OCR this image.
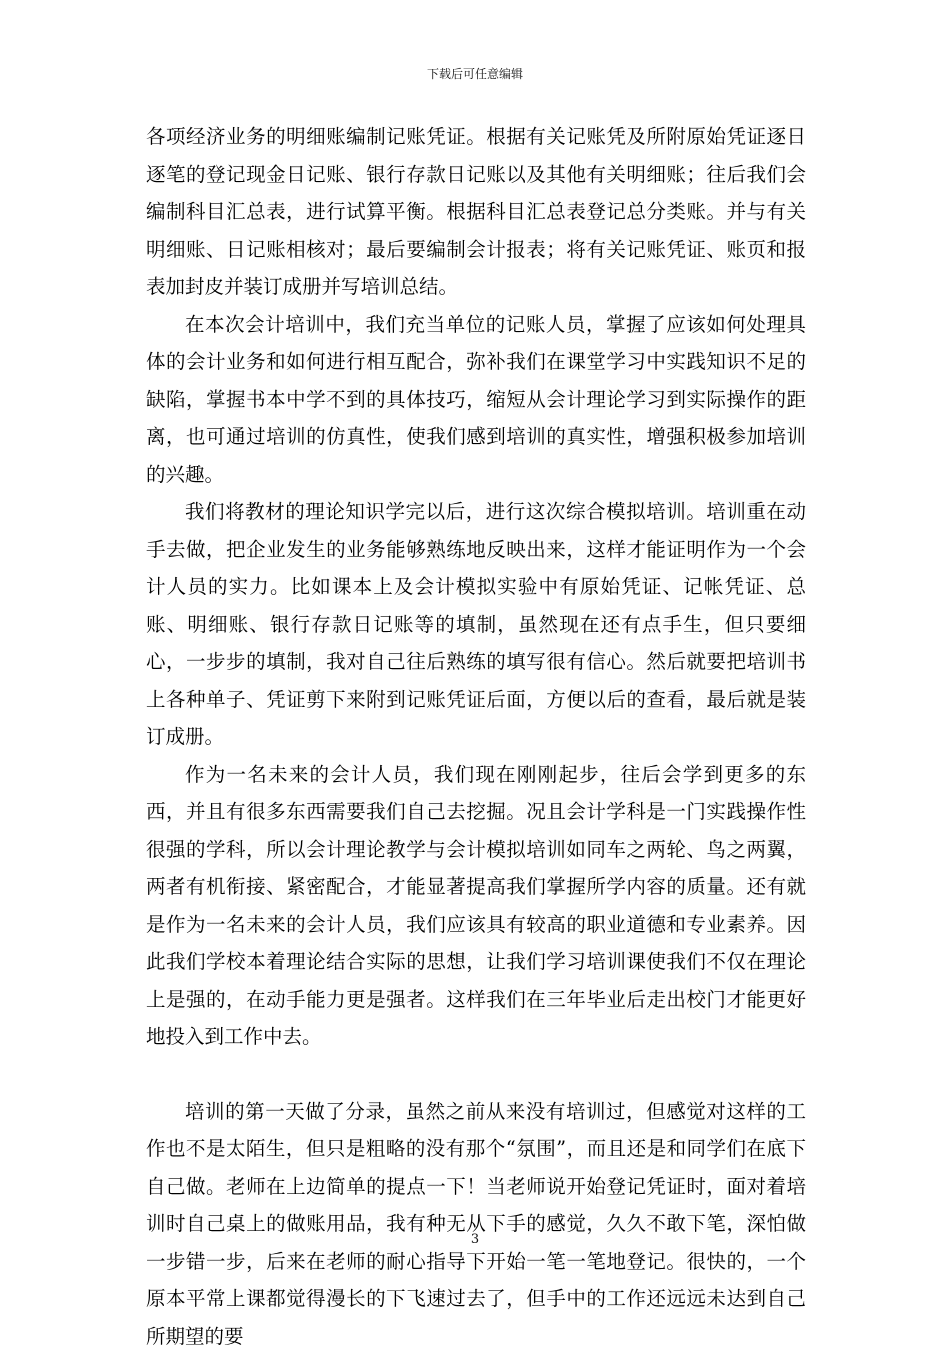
下载后可任意编辑

各项经济业务的明细账编制记账凭证。根据有关记账凭及所附原始凭证逐日逐笔的登记现金日记账、银行存款日记账以及其他有关明细账；往后我们会编制科目汇总表，进行试算平衡。根据科目汇总表登记总分类账。并与有关明细账、日记账相核对；最后要编制会计报表；将有关记账凭证、账页和报表加封皮并装订成册并写培训总结。

在本次会计培训中，我们充当单位的记账人员，掌握了应该如何处理具体的会计业务和如何进行相互配合，弥补我们在课堂学习中实践知识不足的缺陷，掌握书本中学不到的具体技巧，缩短从会计理论学习到实际操作的距离，也可通过培训的仿真性，使我们感到培训的真实性，增强积极参加培训的兴趣。

我们将教材的理论知识学完以后，进行这次综合模拟培训。培训重在动手去做，把企业发生的业务能够熟练地反映出来，这样才能证明作为一个会计人员的实力。比如课本上及会计模拟实验中有原始凭证、记帐凭证、总账、明细账、银行存款日记账等的填制，虽然现在还有点手生，但只要细心，一步步的填制，我对自己往后熟练的填写很有信心。然后就要把培训书上各种单子、凭证剪下来附到记账凭证后面，方便以后的查看，最后就是装订成册。

作为一名未来的会计人员，我们现在刚刚起步，往后会学到更多的东西，并且有很多东西需要我们自己去挖掘。况且会计学科是一门实践操作性很强的学科，所以会计理论教学与会计模拟培训如同车之两轮、鸟之两翼，两者有机衔接、紧密配合，才能显著提高我们掌握所学内容的质量。还有就是作为一名未来的会计人员，我们应该具有较高的职业道德和专业素养。因此我们学校本着理论结合实际的思想，让我们学习培训课使我们不仅在理论上是强的，在动手能力更是强者。这样我们在三年毕业后走出校门才能更好地投入到工作中去。

培训的第一天做了分录，虽然之前从来没有培训过，但感觉对这样的工作也不是太陌生，但只是粗略的没有那个“氛围”，而且还是和同学们在底下自己做。老师在上边简单的提点一下！当老师说开始登记凭证时，面对着培训时自己桌上的做账用品，我有种无从下手的感觉，久久不敢下笔，深怕做一步错一步，后来在老师的耐心指导下开始一笔一笔地登记。很快的，一个原本平常上课都觉得漫长的下飞速过去了，但手中的工作还远远未达到自己所期望的要

3
